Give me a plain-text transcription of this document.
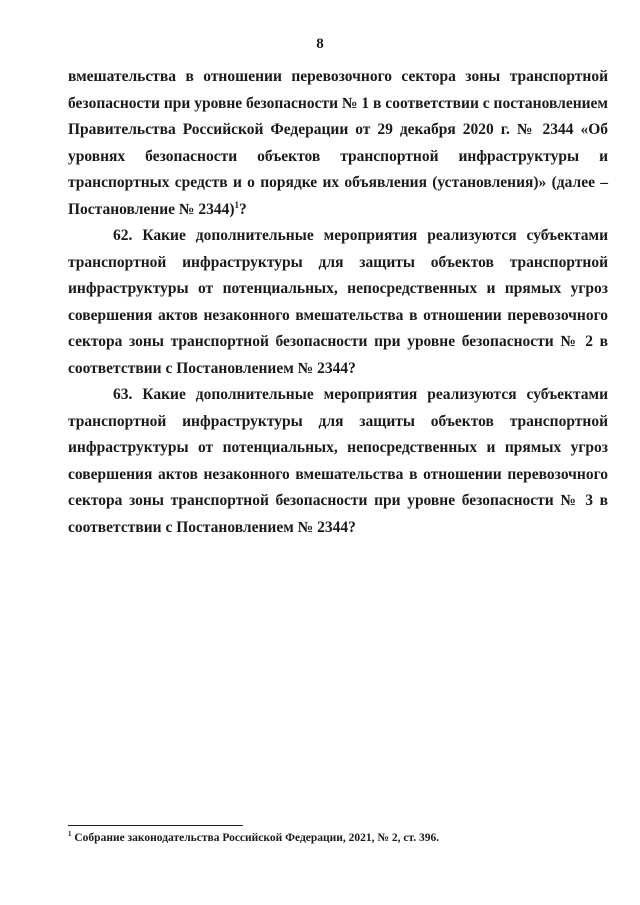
8

вмешательства в отношении перевозочного сектора зоны транспортной безопасности при уровне безопасности № 1 в соответствии с постановлением Правительства Российской Федерации от 29 декабря 2020 г. № 2344 «Об уровнях безопасности объектов транспортной инфраструктуры и транспортных средств и о порядке их объявления (установления)» (далее – Постановление № 2344)$^1$?

62. Какие дополнительные мероприятия реализуются субъектами транспортной инфраструктуры для защиты объектов транспортной инфраструктуры от потенциальных, непосредственных и прямых угроз совершения актов незаконного вмешательства в отношении перевозочного сектора зоны транспортной безопасности при уровне безопасности № 2 в соответствии с Постановлением № 2344?

63. Какие дополнительные мероприятия реализуются субъектами транспортной инфраструктуры для защиты объектов транспортной инфраструктуры от потенциальных, непосредственных и прямых угроз совершения актов незаконного вмешательства в отношении перевозочного сектора зоны транспортной безопасности при уровне безопасности № 3 в соответствии с Постановлением № 2344?

$^1$ Собрание законодательства Российской Федерации, 2021, № 2, ст. 396.
